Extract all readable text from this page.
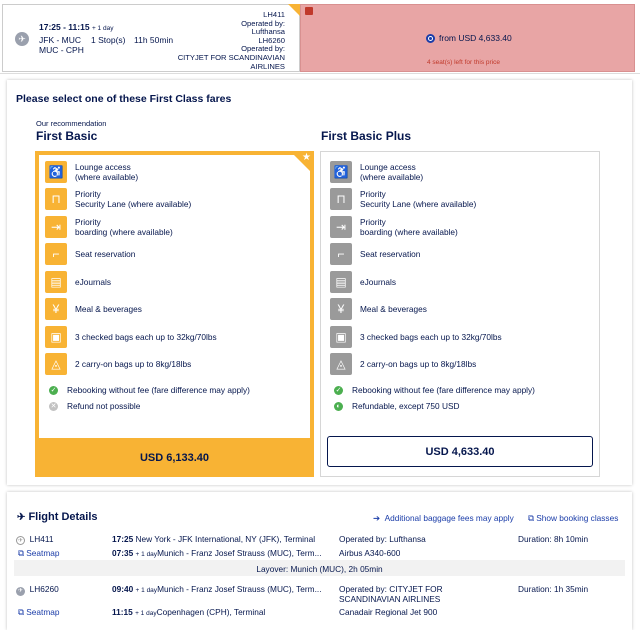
✈
17:25 - 11:15 + 1 day
JFK - MUC
MUC - CPH
1 Stop(s) 11h 50min
LH411
Operated by:
Lufthansa
LH6260
Operated by:
CITYJET FOR SCANDINAVIAN AIRLINES
from USD 4,633.40
4 seat(s) left for this price
Please select one of these First Class fares
Our recommendation
First Basic
★
♿	Lounge access
(where available)
⊓	Priority
Security Lane (where available)
⇥	Priority
boarding (where available)
⌐	Seat reservation
▤	eJournals
¥	Meal & beverages
▣	3 checked bags each up to 32kg/70lbs
◬	2 carry-on bags up to 8kg/18lbs
✓ Rebooking without fee (fare difference may apply)
✕ Refund not possible
USD 6,133.40
First Basic Plus
♿	Lounge access
(where available)
⊓	Priority
Security Lane (where available)
⇥	Priority
boarding (where available)
⌐	Seat reservation
▤	eJournals
¥	Meal & beverages
▣	3 checked bags each up to 32kg/70lbs
◬	2 carry-on bags up to 8kg/18lbs
✓ Rebooking without fee (fare difference may apply)
◐ Refundable, except 750 USD
USD 4,633.40
✈ Flight Details	➔ Additional baggage fees may apply ⧉ Show booking classes
✈ LH411	17:25 New York - JFK International, NY (JFK), Terminal	Operated by: Lufthansa	Duration: 8h 10min
⧉ Seatmap	07:35 + 1 dayMunich - Franz Josef Strauss (MUC), Term... Airbus A340-600
Layover: Munich (MUC), 2h 05min
✈ LH6260	09:40 + 1 dayMunich - Franz Josef Strauss (MUC), Term... Operated by: CITYJET FOR SCANDINAVIAN AIRLINES
Duration: 1h 35min
⧉ Seatmap	11:15 + 1 dayCopenhagen (CPH), Terminal	Canadair Regional Jet 900
